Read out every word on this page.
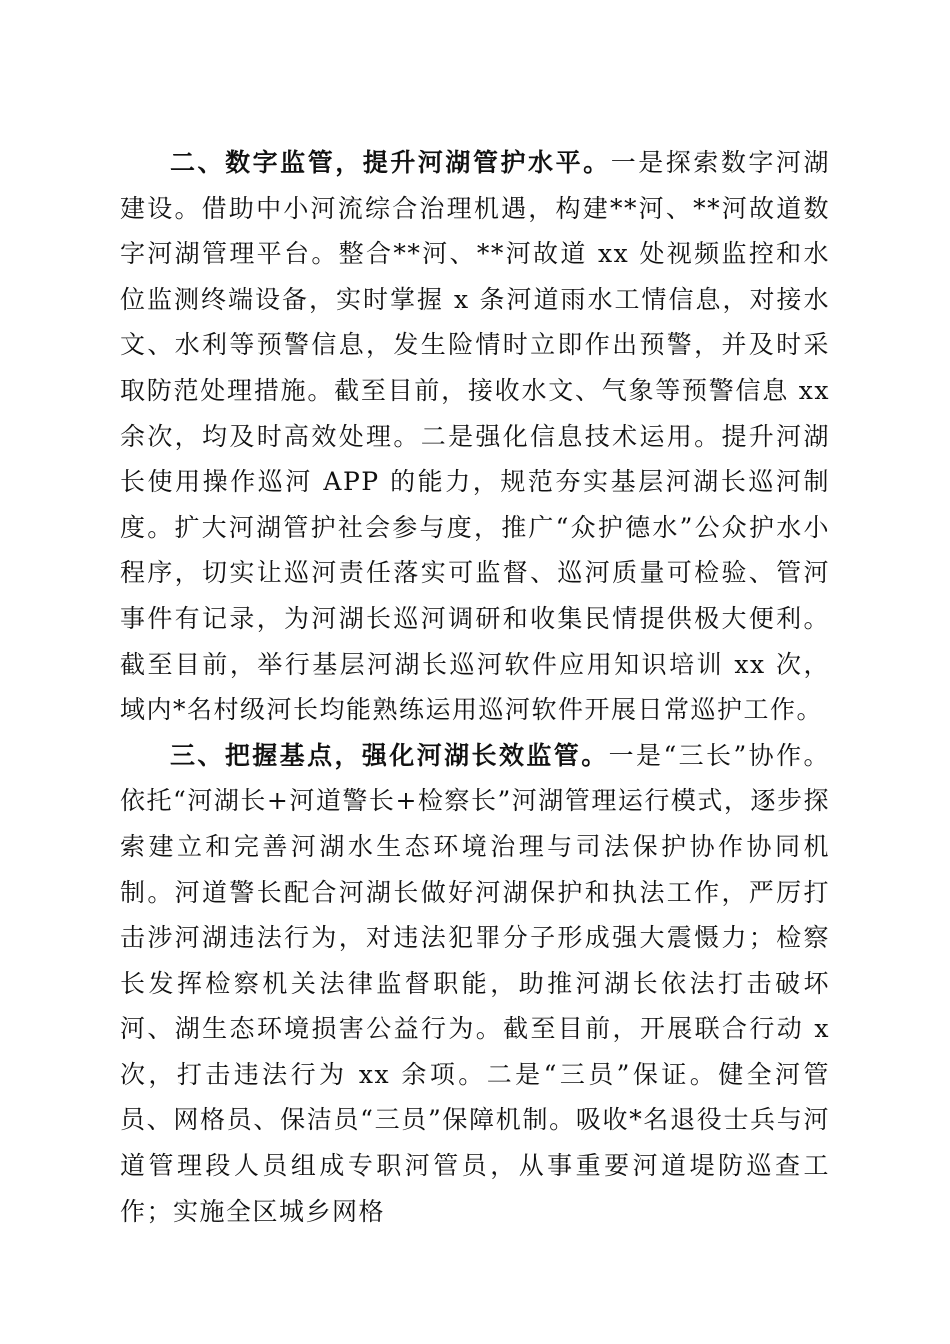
二、数字监管，提升河湖管护水平。一是探索数字河湖建设。借助中小河流综合治理机遇，构建**河、**河故道数字河湖管理平台。整合**河、**河故道 xx 处视频监控和水位监测终端设备，实时掌握 x 条河道雨水工情信息，对接水文、水利等预警信息，发生险情时立即作出预警，并及时采取防范处理措施。截至目前，接收水文、气象等预警信息 xx 余次，均及时高效处理。二是强化信息技术运用。提升河湖长使用操作巡河 APP 的能力，规范夯实基层河湖长巡河制度。扩大河湖管护社会参与度，推广“众护德水”公众护水小程序，切实让巡河责任落实可监督、巡河质量可检验、管河事件有记录，为河湖长巡河调研和收集民情提供极大便利。截至目前，举行基层河湖长巡河软件应用知识培训 xx 次，域内*名村级河长均能熟练运用巡河软件开展日常巡护工作。

三、把握基点，强化河湖长效监管。一是“三长”协作。依托“河湖长+河道警长+检察长”河湖管理运行模式，逐步探索建立和完善河湖水生态环境治理与司法保护协作协同机制。河道警长配合河湖长做好河湖保护和执法工作，严厉打击涉河湖违法行为，对违法犯罪分子形成强大震慑力；检察长发挥检察机关法律监督职能，助推河湖长依法打击破坏河、湖生态环境损害公益行为。截至目前，开展联合行动 x 次，打击违法行为 xx 余项。二是“三员”保证。健全河管员、网格员、保洁员“三员”保障机制。吸收*名退役士兵与河道管理段人员组成专职河管员，从事重要河道堤防巡查工作；实施全区城乡网格
